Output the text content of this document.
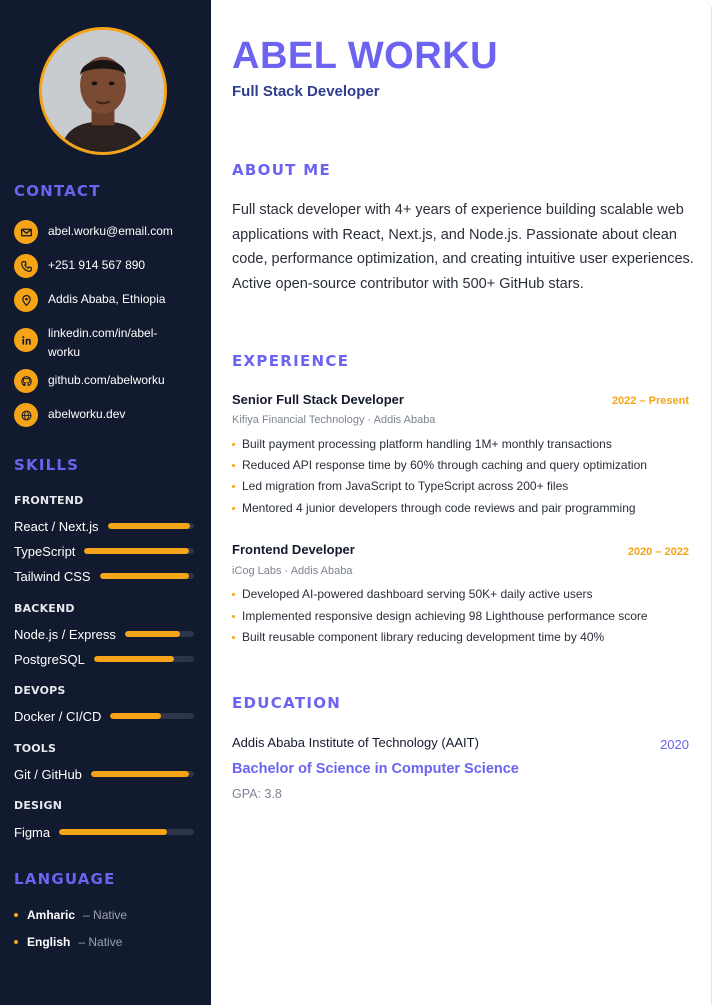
CONTACT
abel.worku@email.com
+251 914 567 890
Addis Ababa, Ethiopia
linkedin.com/in/abel-worku
github.com/abelworku
abelworku.dev
SKILLS
FRONTEND
React / Next.js
TypeScript
Tailwind CSS
BACKEND
Node.js / Express
PostgreSQL
DEVOPS
Docker / CI/CD
TOOLS
Git / GitHub
DESIGN
Figma
LANGUAGE
Amharic – Native
English – Native
ABEL WORKU
Full Stack Developer
ABOUT ME
Full stack developer with 4+ years of experience building scalable web applications with React, Next.js, and Node.js. Passionate about clean code, performance optimization, and creating intuitive user experiences. Active open-source contributor with 500+ GitHub stars.
EXPERIENCE
Senior Full Stack Developer	2022 – Present
Kifiya Financial Technology · Addis Ababa
Built payment processing platform handling 1M+ monthly transactions
Reduced API response time by 60% through caching and query optimization
Led migration from JavaScript to TypeScript across 200+ files
Mentored 4 junior developers through code reviews and pair programming
Frontend Developer	2020 – 2022
iCog Labs · Addis Ababa
Developed AI-powered dashboard serving 50K+ daily active users
Implemented responsive design achieving 98 Lighthouse performance score
Built reusable component library reducing development time by 40%
EDUCATION
Addis Ababa Institute of Technology (AAIT)	2020
Bachelor of Science in Computer Science
GPA: 3.8
